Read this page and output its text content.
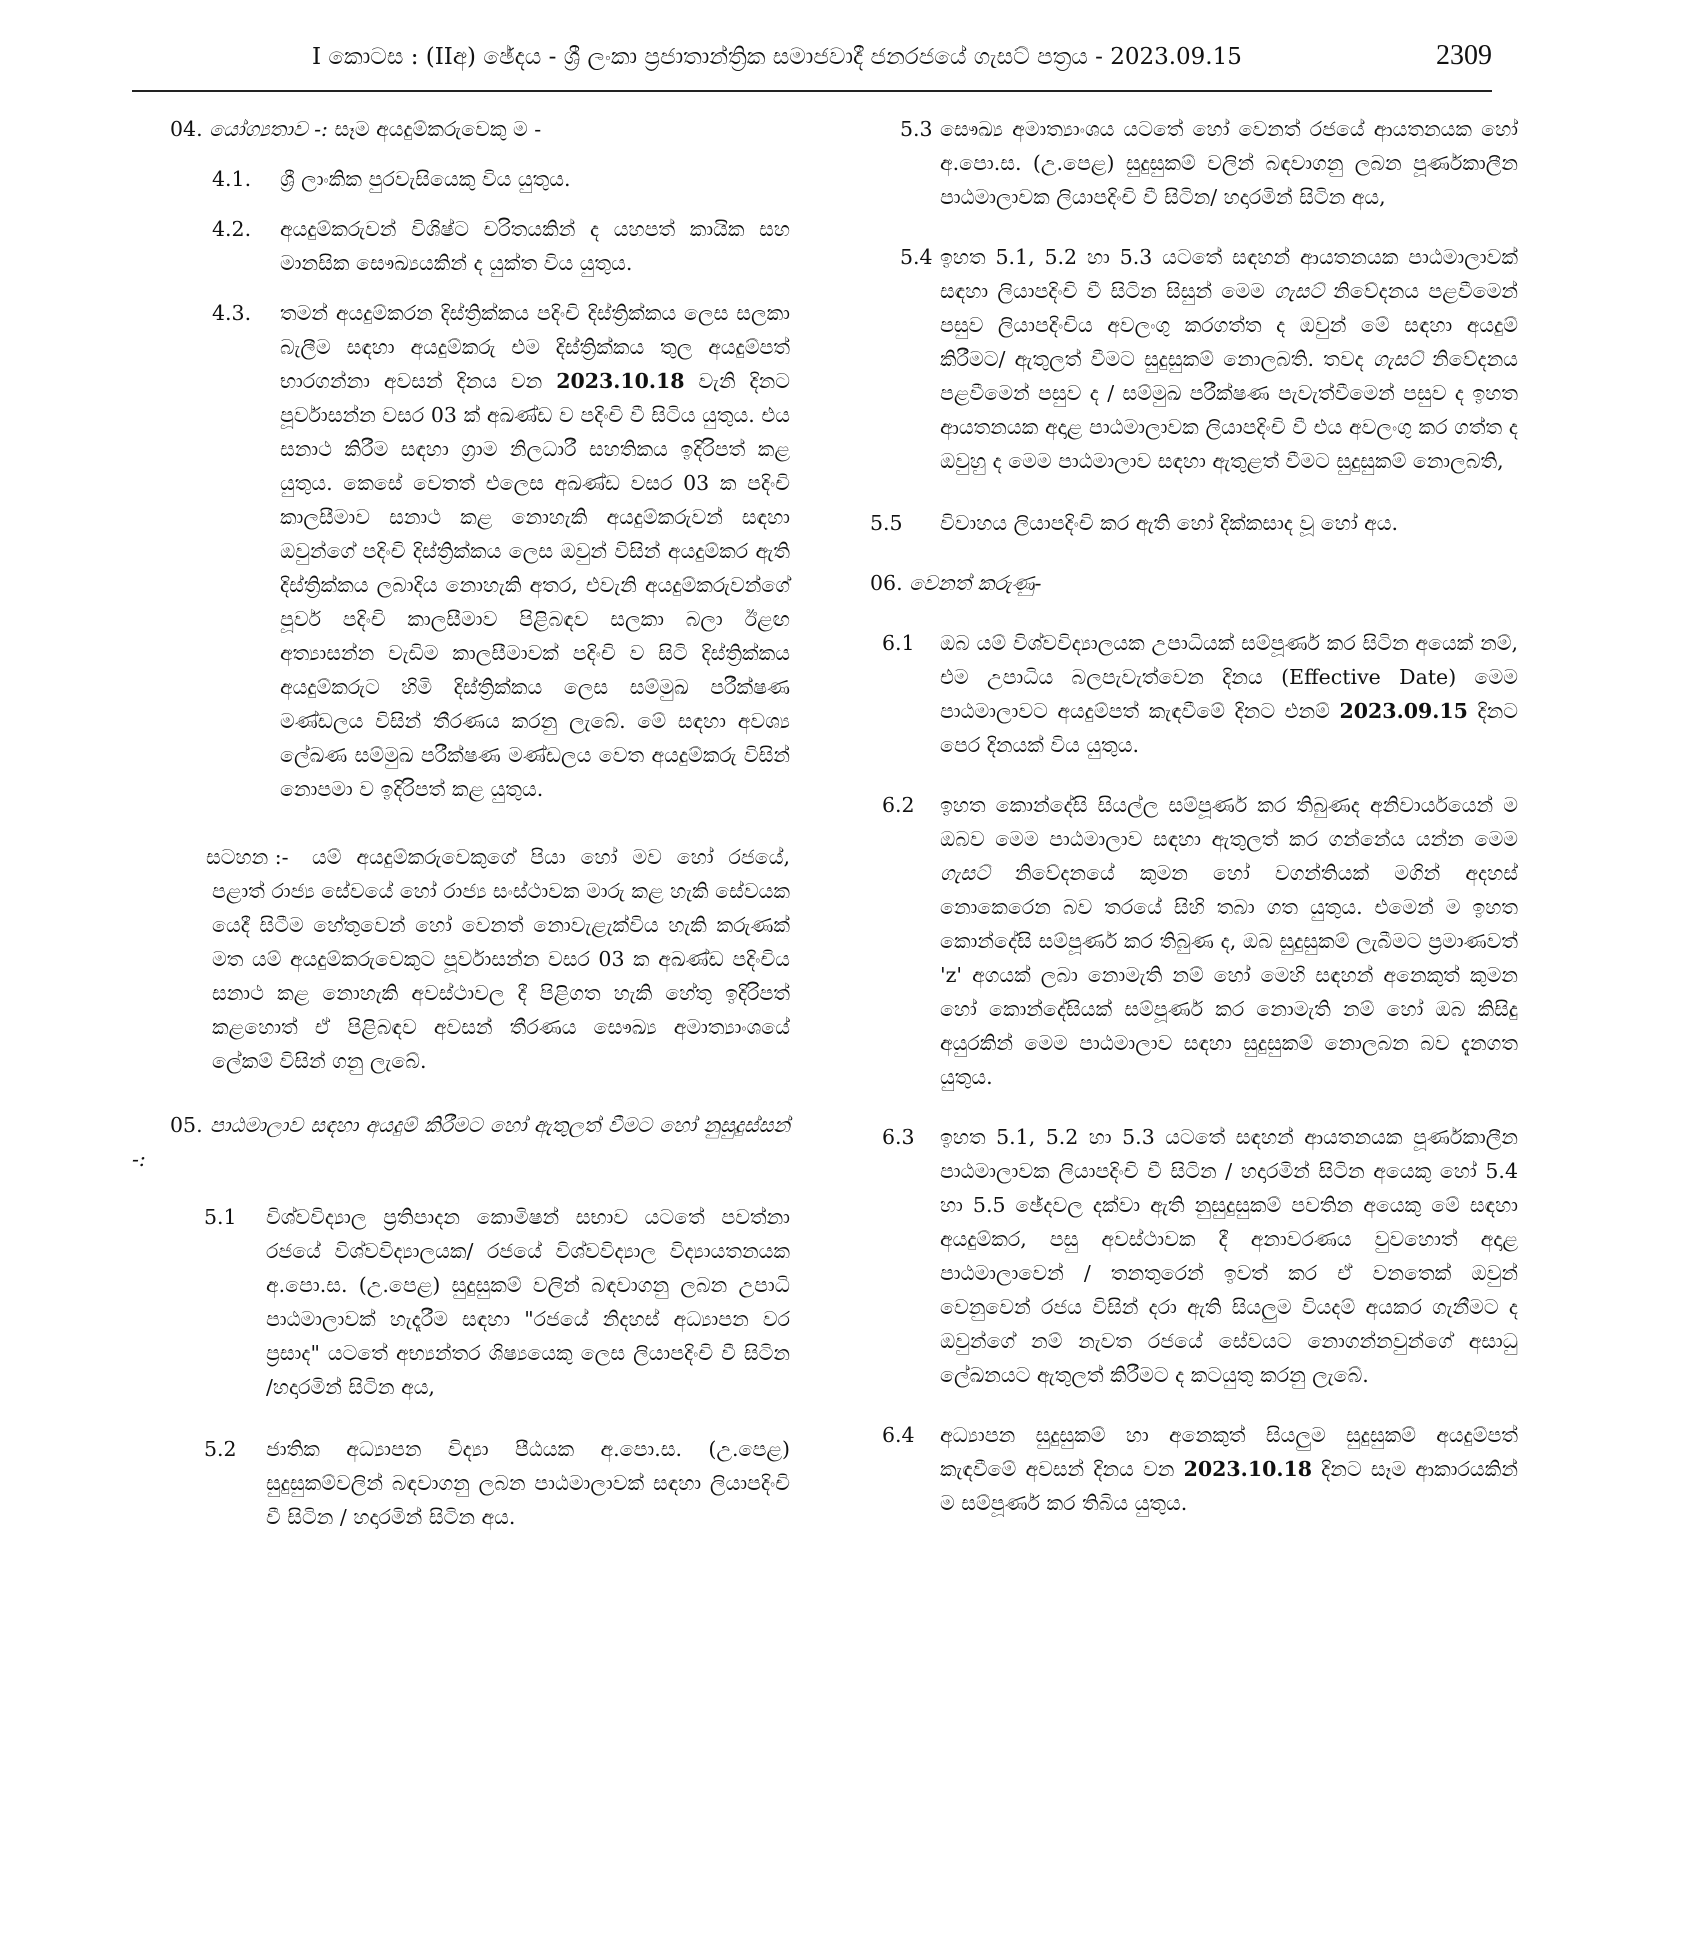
I කොටස : (IIඅ) ඡේදය - ශ්‍රී ලංකා ප්‍රජාතාන්ත්‍රික සමාජවාදී ජනරජයේ ගැසට් පත්‍රය - 2023.09.15	2309
04. යෝග්‍යතාව -: සෑම අයදුම්කරුවෙකු ම -
4.1. ශ්‍රී ලාංකික පුරවැසියෙකු විය යුතුය.
4.2. අයදුම්කරුවන් විශිෂ්ට චරිතයකින් ද යහපත් කායික සහ මානසික සෞඛ්‍යයකින් ද යුක්ත විය යුතුය.
4.3. තමන් අයදුම්කරන දිස්ත්‍රික්කය පදිංචි දිස්ත්‍රික්කය ලෙස සලකා බැලීම සඳහා අයදුම්කරු එම දිස්ත්‍රික්කය තුල අයදුම්පත් භාරගන්නා අවසන් දිනය වන 2023.10.18 වැනි දිනට පූර්වාසන්න වසර 03 ක් අඛණ්ඩ ව පදිංචි වී සිටිය යුතුය. එය සනාථ කිරීම සඳහා ග්‍රාම නිලධාරී සහතිකය ඉදිරිපත් කළ යුතුය. කෙසේ වෙතත් එලෙස අඛණ්ඩ වසර 03 ක පදිංචි කාලසීමාව සනාථ කළ නොහැකි අයදුම්කරුවන් සඳහා ඔවුන්ගේ පදිංචි දිස්ත්‍රික්කය ලෙස ඔවුන් විසින් අයදුම්කර ඇති දිස්ත්‍රික්කය ලබාදිය නොහැකි අතර, එවැනි අයදුම්කරුවන්ගේ පූර්ව පදිංචි කාලසීමාව පිළිබඳව සලකා බලා ඊළඟ අත්‍යාසන්න වැඩිම කාලසීමාවක් පදිංචි ව සිටි දිස්ත්‍රික්කය අයදුම්කරුට හිමි දිස්ත්‍රික්කය ලෙස සම්මුඛ පරීක්ෂණ මණ්ඩලය විසින් තීරණය කරනු ලැබේ. මේ සඳහා අවශ්‍ය ලේඛණ සම්මුඛ පරීක්ෂණ මණ්ඩලය වෙත අයදුම්කරු විසින් නොපමා ව ඉදිරිපත් කළ යුතුය.
සටහන :-	යම් අයදුම්කරුවෙකුගේ පියා හෝ මව හෝ රජයේ, පළාත් රාජ්‍ය සේවයේ හෝ රාජ්‍ය සංස්ථාවක මාරු කළ හැකි සේවයක යෙදී සිටීම හේතුවෙන් හෝ වෙනත් නොවැළැක්විය හැකි කරුණක් මත යම් අයදුම්කරුවෙකුට පූර්වාසන්න වසර 03 ක අඛණ්ඩ පදිංචිය සනාථ කළ නොහැකි අවස්ථාවල දී පිළිගත හැකි හේතු ඉදිරිපත් කළහොත් ඒ පිළිබඳව අවසන් තීරණය සෞඛ්‍ය අමාත්‍යාංශයේ ලේකම් විසින් ගනු ලැබේ.
05. පාඨමාලාව සඳහා අයදුම් කිරීමට හෝ ඇතුලත් වීමට හෝ නුසුදුස්සන් -:
5.1 විශ්වවිද්‍යාල ප්‍රතිපාදන කොමිෂන් සභාව යටතේ පවත්නා රජයේ විශ්වවිද්‍යාලයක/ රජයේ විශ්වවිද්‍යාල විද්‍යායතනයක අ.පො.ස. (උ.පෙළ) සුදුසුකම් වලින් බඳවාගනු ලබන උපාධි පාඨමාලාවක් හැදෑරීම සඳහා "රජයේ නිදහස් අධ්‍යාපන වර ප්‍රසාද" යටතේ අභ්‍යන්තර ශිෂ්‍යයෙකු ලෙස ලියාපදිංචි වී සිටින /හදාරමින් සිටින අය,
5.2 ජාතික අධ්‍යාපන විද්‍යා පීඨයක අ.පො.ස. (උ.පෙළ) සුදුසුකම්වලින් බඳවාගනු ලබන පාඨමාලාවක් සඳහා ලියාපදිංචි වී සිටින / හදාරමින් සිටින අය.
5.3 සෞඛ්‍ය අමාත්‍යාංශය යටතේ හෝ වෙනත් රජයේ ආයතනයක හෝ අ.පො.ස. (උ.පෙළ) සුදුසුකම් වලින් බඳවාගනු ලබන පූර්ණකාලීන පාඨමාලාවක ලියාපදිංචි වී සිටින/ හදාරමින් සිටින අය,
5.4 ඉහත 5.1, 5.2 හා 5.3 යටතේ සඳහන් ආයතනයක පාඨමාලාවක් සඳහා ලියාපදිංචි වී සිටින සිසුන් මෙම ගැසට් නිවේදනය පළවීමෙන් පසුව ලියාපදිංචිය අවලංගු කරගත්ත ද ඔවුන් මේ සඳහා අයදුම් කිරීමට/ ඇතුලත් වීමට සුදුසුකම් නොලබති. තවද ගැසට් නිවේදනය පළවීමෙන් පසුව ද / සම්මුඛ පරීක්ෂණ පැවැත්වීමෙන් පසුව ද ඉහත ආයතනයක අදාළ පාඨමාලාවක ලියාපදිංචි වී එය අවලංගු කර ගත්ත ද ඔවුහු ද මෙම පාඨමාලාව සඳහා ඇතුළත් වීමට සුදුසුකම් නොලබති,
5.5 විවාහය ලියාපදිංචි කර ඇති හෝ දික්කසාද වූ හෝ අය.
06. වෙනත් කරුණු-
6.1 ඔබ යම් විශ්වවිද්‍යාලයක උපාධියක් සම්පූර්ණ කර සිටින අයෙක් නම්, එම උපාධිය බලපැවැත්වෙන දිනය (Effective Date) මෙම පාඨමාලාවට අයදුම්පත් කැඳවීමේ දිනට එනම් 2023.09.15 දිනට පෙර දිනයක් විය යුතුය.
6.2 ඉහත කොන්දේසි සියල්ල සම්පූර්ණ කර තිබුණද අනිවාර්යයෙන් ම ඔබව මෙම පාඨමාලාව සඳහා ඇතුලත් කර ගන්නේය යන්න මෙම ගැසට් නිවේදනයේ කුමන හෝ වගන්තියක් මගින් අදහස් නොකෙරෙන බව තරයේ සිහි තබා ගත යුතුය. එමෙන් ම ඉහත කොන්දේසි සම්පූර්ණ කර තිබුණ ද, ඔබ සුදුසුකම් ලැබීමට ප්‍රමාණවත් 'z' අගයක් ලබා නොමැති නම් හෝ මෙහි සඳහන් අනෙකුත් කුමන හෝ කොන්දේසියක් සම්පූර්ණ කර නොමැති නම් හෝ ඔබ කිසිදු අයුරකින් මෙම පාඨමාලාව සඳහා සුදුසුකම් නොලබන බව දැනගත යුතුය.
6.3 ඉහත 5.1, 5.2 හා 5.3 යටතේ සඳහන් ආයතනයක පූර්ණකාලීන පාඨමාලාවක ලියාපදිංචි වී සිටින / හදාරමින් සිටින අයෙකු හෝ 5.4 හා 5.5 ඡේදවල දක්වා ඇති නුසුදුසුකම් පවතින අයෙකු මේ සඳහා අයදුම්කර, පසු අවස්ථාවක දී අනාවරණය වුවහොත් අදාළ පාඨමාලාවෙන් / තනතුරෙන් ඉවත් කර ඒ වනතෙක් ඔවුන් වෙනුවෙන් රජය විසින් දරා ඇති සියලුම වියදම් අයකර ගැනීමට ද ඔවුන්ගේ නම් නැවත රජයේ සේවයට නොගන්නවුන්ගේ අසාධු ලේඛනයට ඇතුලත් කිරීමට ද කටයුතු කරනු ලැබේ.
6.4 අධ්‍යාපන සුදුසුකම් හා අනෙකුත් සියලුම සුදුසුකම් අයදුම්පත් කැඳවීමේ අවසන් දිනය වන 2023.10.18 දිනට සෑම ආකාරයකින් ම සම්පූර්ණ කර තිබිය යුතුය.
